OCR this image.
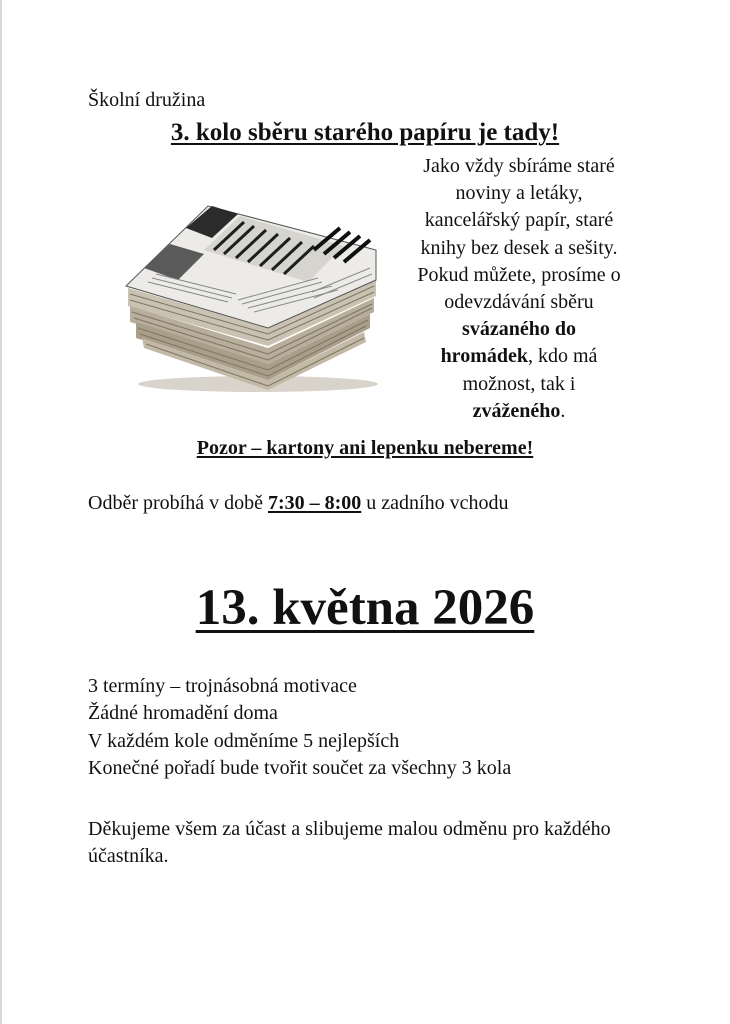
Školní družina
3. kolo sběru starého papíru je tady!
Jako vždy sbíráme staré
noviny a letáky,
kancelářský papír, staré
knihy bez desek a sešity.
Pokud můžete, prosíme o
odevzdávání sběru
svázaného do
hromádek, kdo má
možnost, tak i
zváženého.
Pozor – kartony ani lepenku nebereme!
Odběr probíhá v době 7:30 – 8:00 u zadního vchodu
13. května 2026
3 termíny – trojnásobná motivace
Žádné hromadění doma
V každém kole odměníme 5 nejlepších
Konečné pořadí bude tvořit součet za všechny 3 kola
Děkujeme všem za účast a slibujeme malou odměnu pro každého účastníka.
